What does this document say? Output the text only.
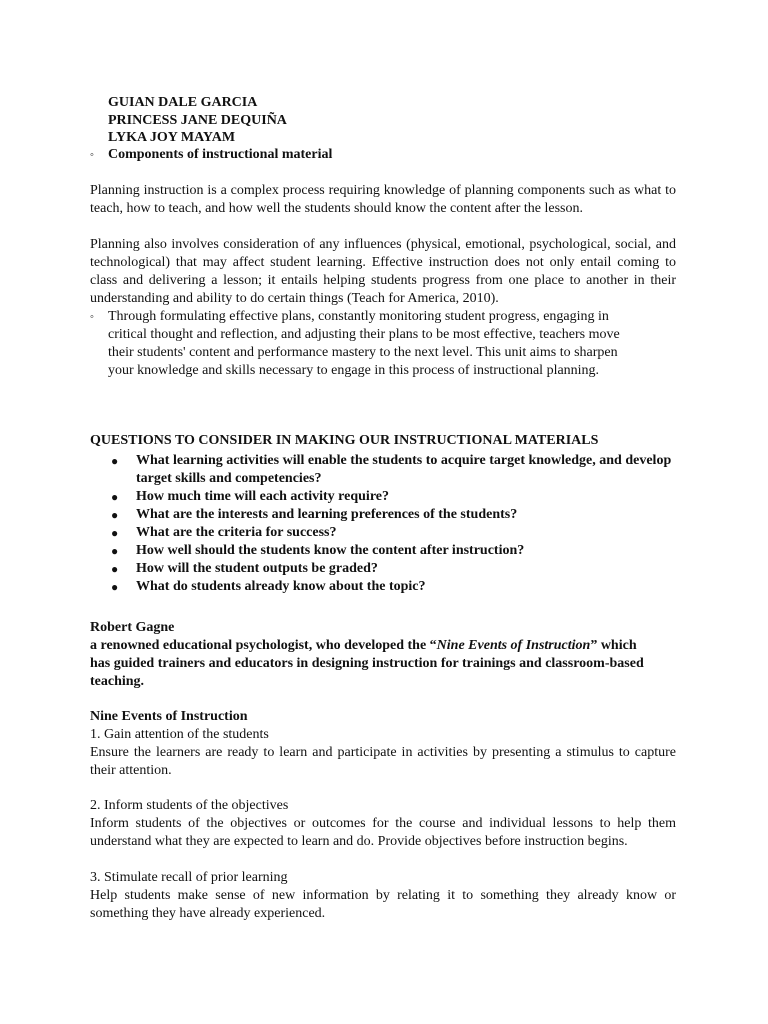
GUIAN DALE GARCIA
PRINCESS JANE DEQUIÑA
LYKA JOY MAYAM
◦ Components of instructional material
Planning instruction is a complex process requiring knowledge of planning components such as what to teach, how to teach, and how well the students should know the content after the lesson.
Planning also involves consideration of any influences (physical, emotional, psychological, social, and technological) that may affect student learning. Effective instruction does not only entail coming to class and delivering a lesson; it entails helping students progress from one place to another in their understanding and ability to do certain things (Teach for America, 2010).
◦ Through formulating effective plans, constantly monitoring student progress, engaging in critical thought and reflection, and adjusting their plans to be most effective, teachers move their students' content and performance mastery to the next level. This unit aims to sharpen your knowledge and skills necessary to engage in this process of instructional planning.
QUESTIONS TO CONSIDER IN MAKING OUR INSTRUCTIONAL MATERIALS
● What learning activities will enable the students to acquire target knowledge, and develop target skills and competencies?
● How much time will each activity require?
● What are the interests and learning preferences of the students?
● What are the criteria for success?
● How well should the students know the content after instruction?
● How will the student outputs be graded?
● What do students already know about the topic?
Robert Gagne
a renowned educational psychologist, who developed the “Nine Events of Instruction” which has guided trainers and educators in designing instruction for trainings and classroom-based teaching.
Nine Events of Instruction
1. Gain attention of the students
Ensure the learners are ready to learn and participate in activities by presenting a stimulus to capture their attention.
2. Inform students of the objectives
Inform students of the objectives or outcomes for the course and individual lessons to help them understand what they are expected to learn and do. Provide objectives before instruction begins.
3. Stimulate recall of prior learning
Help students make sense of new information by relating it to something they already know or something they have already experienced.
